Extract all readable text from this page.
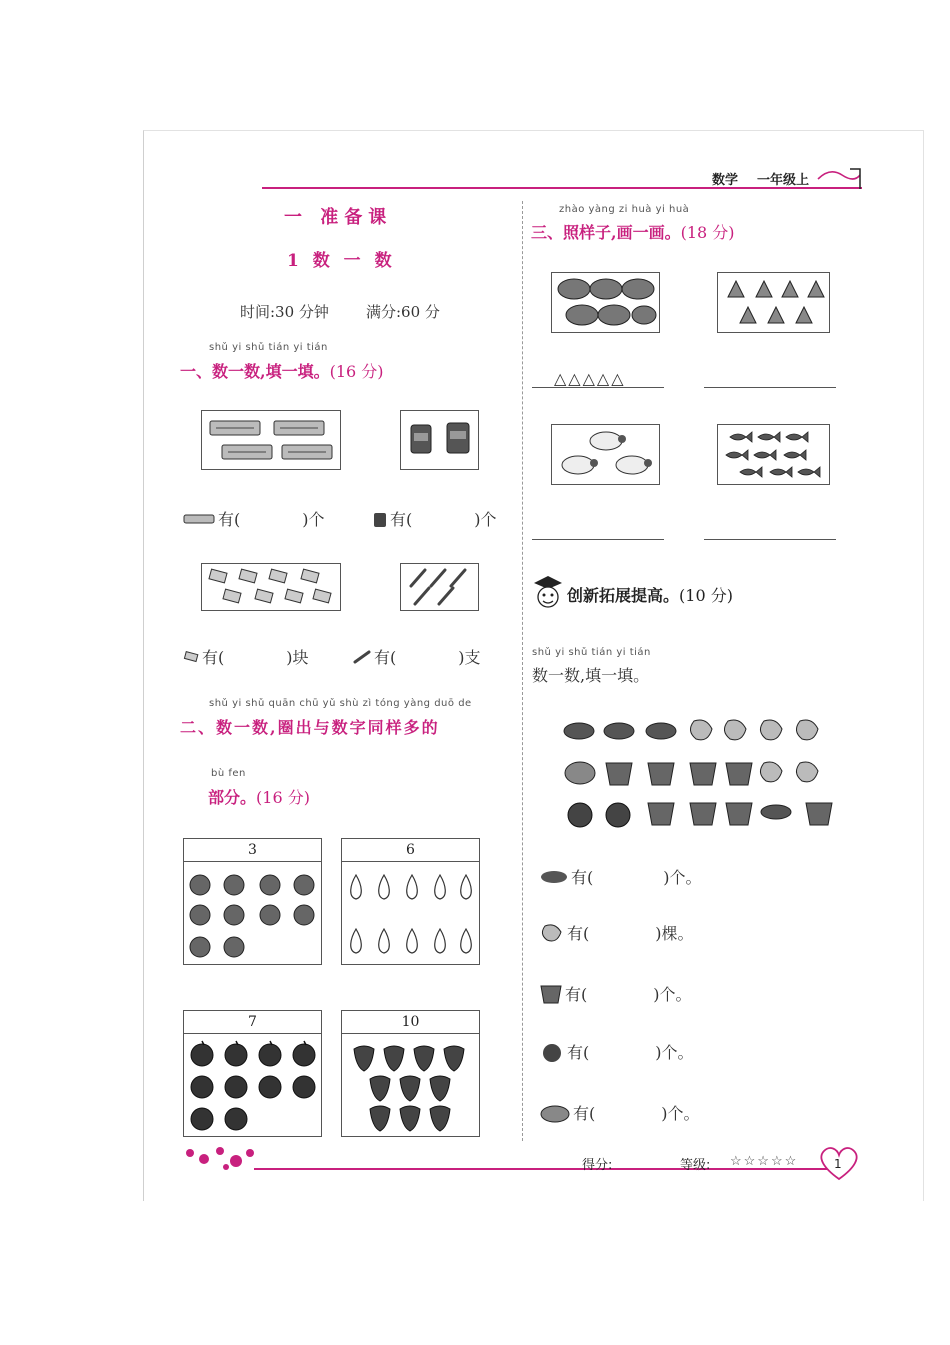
数学 一年级上
一 准备课
1 数 一 数
时间:30 分钟 满分:60 分
shǔ yi shǔ tián yi tián
一、数一数,填一填。(16 分)
有(	)个	有(	)个
有(	)块	有(	)支
shǔ yi shǔ quān chū yǔ shù zì tóng yàng duō de
二、数一数,圈出与数字同样多的
bù fen
部分。(16 分)
3	6
7	10
zhào yàng zi huà yi huà
三、照样子,画一画。(18 分)
△△△△△
创新拓展提高。(10 分)
shǔ yi shǔ tián yi tián
数一数,填一填。
有(	)个。
有(	)棵。
有(	)个。
有(	)个。
有(	)个。
得分:	等级: ☆☆☆☆☆	1
